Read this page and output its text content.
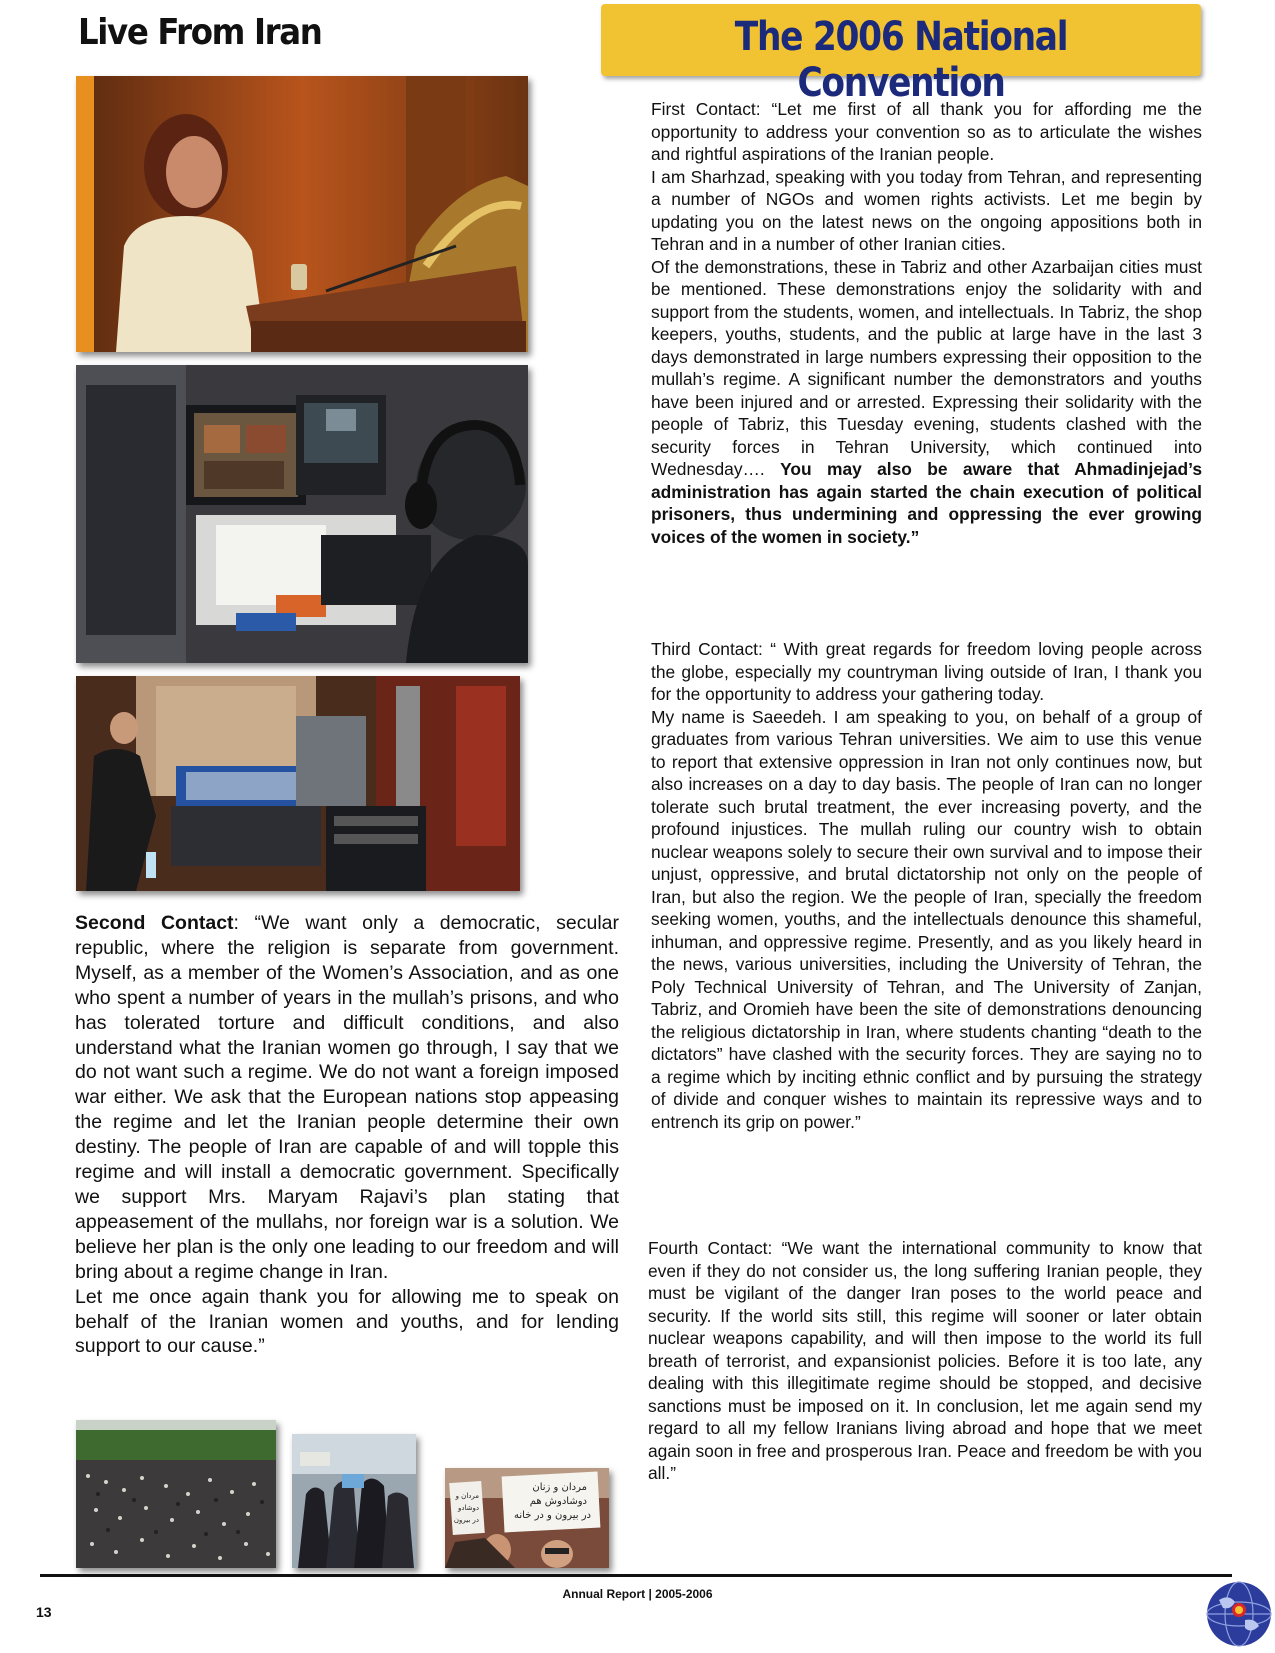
Live From Iran	The 2006 National Convention

First Contact: “Let me first of all thank you for affording me the opportunity to address your convention so as to articulate the wishes and rightful aspirations of the Iranian people.

I am Sharhzad, speaking with you today from Tehran, and representing a number of NGOs and women rights activists. Let me begin by updating you on the latest news on the ongoing appositions both in Tehran and in a number of other Iranian cities.

Of the demonstrations, these in Tabriz and other Azarbaijan cities must be mentioned. These demonstrations enjoy the solidarity with and support from the students, women, and intellectuals. In Tabriz, the shop keepers, youths, students, and the public at large have in the last 3 days demonstrated in large numbers expressing their opposition to the mullah’s regime. A significant number the demonstrators and youths have been injured and or arrested. Expressing their solidarity with the people of Tabriz, this Tuesday evening, students clashed with the security forces in Tehran University, which continued into Wednesday…. You may also be aware that Ahmadinjejad’s administration has again started the chain execution of political prisoners, thus undermining and oppressing the ever growing voices of the women in society.”

Third Contact: “ With great regards for freedom loving people across the globe, especially my countryman living outside of Iran, I thank you for the opportunity to address your gathering today.

My name is Saeedeh. I am speaking to you, on behalf of a group of graduates from various Tehran universities. We aim to use this venue to report that extensive oppression in Iran not only continues now, but also increases on a day to day basis. The people of Iran can no longer tolerate such brutal treatment, the ever increasing poverty, and the profound injustices. The mullah ruling our country wish to obtain nuclear weapons solely to secure their own survival and to impose their unjust, oppressive, and brutal dictatorship not only on the people of Iran, but also the region. We the people of Iran, specially the freedom seeking women, youths, and the intellectuals denounce this shameful, inhuman, and oppressive regime. Presently, and as you likely heard in the news, various universities, including the University of Tehran, the Poly Technical University of Tehran, and The University of Zanjan, Tabriz, and Oromieh have been the site of demonstrations denouncing the religious dictatorship in Iran, where students chanting “death to the dictators” have clashed with the security forces. They are saying no to a regime which by inciting ethnic conflict and by pursuing the strategy of divide and conquer wishes to maintain its repressive ways and to entrench its grip on power.”

Fourth Contact: “We want the international community to know that even if they do not consider us, the long suffering Iranian people, they must be vigilant of the danger Iran poses to the world peace and security. If the world sits still, this regime will sooner or later obtain nuclear weapons capability, and will then impose to the world its full breath of terrorist, and expansionist policies. Before it is too late, any dealing with this illegitimate regime should be stopped, and decisive sanctions must be imposed on it. In conclusion, let me again send my regard to all my fellow Iranians living abroad and hope that we meet again soon in free and prosperous Iran. Peace and freedom be with you all.”

Second Contact: “We want only a democratic, secular republic, where the religion is separate from government. Myself, as a member of the Women’s Association, and as one who spent a number of years in the mullah’s prisons, and who has tolerated torture and difficult conditions, and also understand what the Iranian women go through, I say that we do not want such a regime. We do not want a foreign imposed war either. We ask that the European nations stop appeasing the regime and let the Iranian people determine their own destiny. The people of Iran are capable of and will topple this regime and will install a democratic government. Specifically we support Mrs. Maryam Rajavi’s plan stating that appeasement of the mullahs, nor foreign war is a solution. We believe her plan is the only one leading to our freedom and will bring about a regime change in Iran.

Let me once again thank you for allowing me to speak on behalf of the Iranian women and youths, and for lending support to our cause.”

مردان و زنان
دوشادوش هم
در بیرون و در خانه
مردان و
دوشادو
در بیرون
Annual Report | 2005-2006
13
